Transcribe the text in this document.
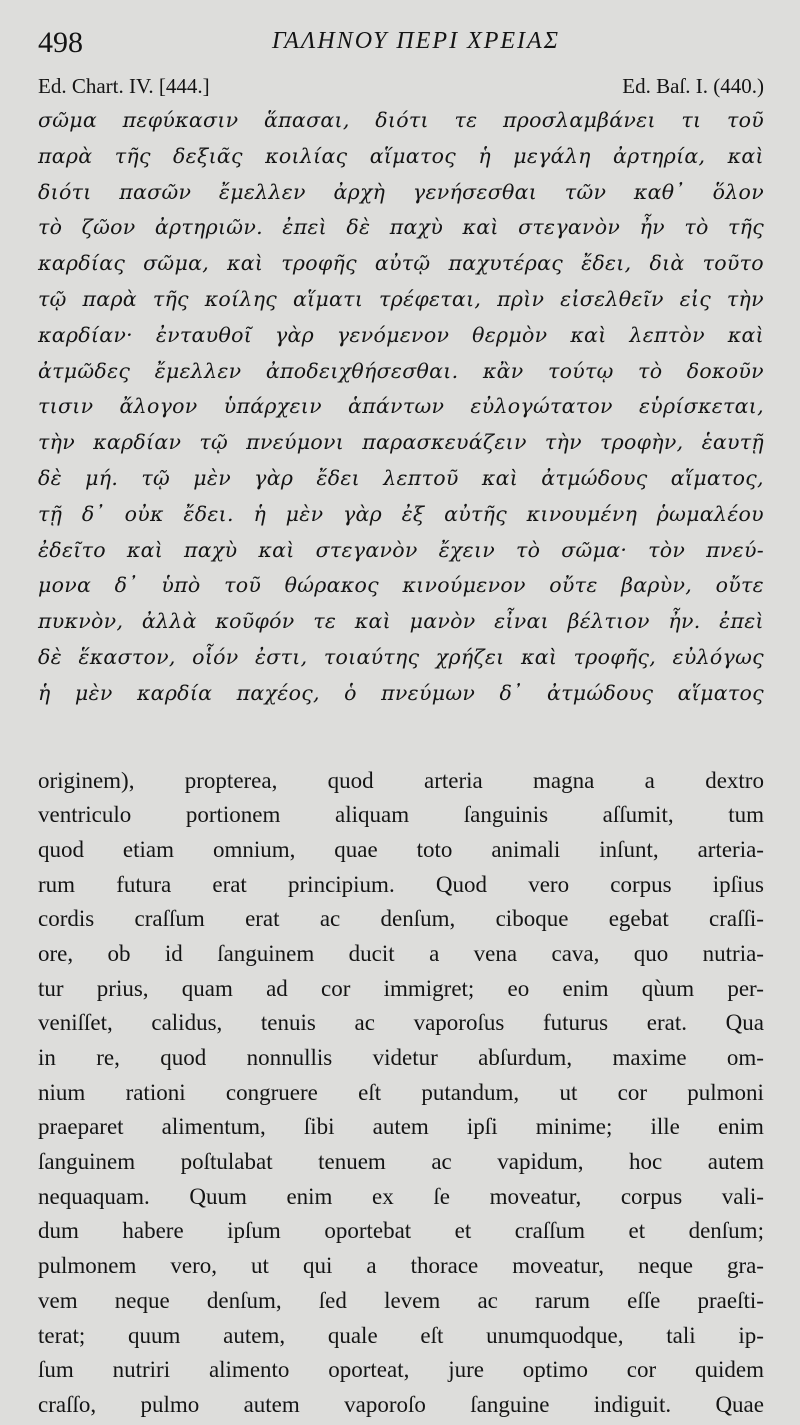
498	ΓΑΛΗΝΟΥ ΠΕΡΙ ΧΡΕΙΑΣ
Ed. Chart. IV. [444.]	Ed. Baſ. I. (440.)
σῶμα πεφύκασιν ἅπασαι, διότι τε προσλαμβάνει τι τοῦ
παρὰ τῆς δεξιᾶς κοιλίας αἵματος ἡ μεγάλη ἀρτηρία, καὶ
διότι πασῶν ἔμελλεν ἀρχὴ γενήσεσθαι τῶν καθ᾽ ὅλον
τὸ ζῶον ἀρτηριῶν. ἐπεὶ δὲ παχὺ καὶ στεγανὸν ἦν τὸ τῆς
καρδίας σῶμα, καὶ τροφῆς αὐτῷ παχυτέρας ἔδει, διὰ τοῦτο
τῷ παρὰ τῆς κοίλης αἵματι τρέφεται, πρὶν εἰσελθεῖν εἰς τὴν
καρδίαν· ἐνταυθοῖ γὰρ γενόμενον θερμὸν καὶ λεπτὸν καὶ
ἀτμῶδες ἔμελλεν ἀποδειχθήσεσθαι. κἂν τούτῳ τὸ δοκοῦν
τισιν ἄλογον ὑπάρχειν ἁπάντων εὐλογώτατον εὑρίσκεται,
τὴν καρδίαν τῷ πνεύμονι παρασκευάζειν τὴν τροφὴν, ἑαυτῇ
δὲ μή. τῷ μὲν γὰρ ἔδει λεπτοῦ καὶ ἀτμώδους αἵματος,
τῇ δ᾽ οὐκ ἔδει. ἡ μὲν γὰρ ἐξ αὐτῆς κινουμένη ῥωμαλέου
ἐδεῖτο καὶ παχὺ καὶ στεγανὸν ἔχειν τὸ σῶμα· τὸν πνεύ-
μονα δ᾽ ὑπὸ τοῦ θώρακος κινούμενον οὔτε βαρὺν, οὔτε
πυκνὸν, ἀλλὰ κοῦφόν τε καὶ μανὸν εἶναι βέλτιον ἦν. ἐπεὶ
δὲ ἕκαστον, οἷόν ἐστι, τοιαύτης χρήζει καὶ τροφῆς, εὐλόγως
ἡ μὲν καρδία παχέος, ὁ πνεύμων δ᾽ ἀτμώδους αἵματος
originem), propterea, quod arteria magna a dextro
ventriculo portionem aliquam ſanguinis aſſumit, tum
quod etiam omnium, quae toto animali inſunt, arteria-
rum futura erat principium. Quod vero corpus ipſius
cordis craſſum erat ac denſum, ciboque egebat craſſi-
ore, ob id ſanguinem ducit a vena cava, quo nutria-
tur prius, quam ad cor immigret; eo enim qùum per-
veniſſet, calidus, tenuis ac vaporoſus futurus erat. Qua
in re, quod nonnullis videtur abſurdum, maxime om-
nium rationi congruere eſt putandum, ut cor pulmoni
praeparet alimentum, ſibi autem ipſi minime; ille enim
ſanguinem poſtulabat tenuem ac vapidum, hoc autem
nequaquam. Quum enim ex ſe moveatur, corpus vali-
dum habere ipſum oportebat et craſſum et denſum;
pulmonem vero, ut qui a thorace moveatur, neque gra-
vem neque denſum, ſed levem ac rarum eſſe praeſti-
terat; quum autem, quale eſt unumquodque, tali ip-
ſum nutriri alimento oporteat, jure optimo cor quidem
craſſo, pulmo autem vaporoſo ſanguine indiguit. Quae
